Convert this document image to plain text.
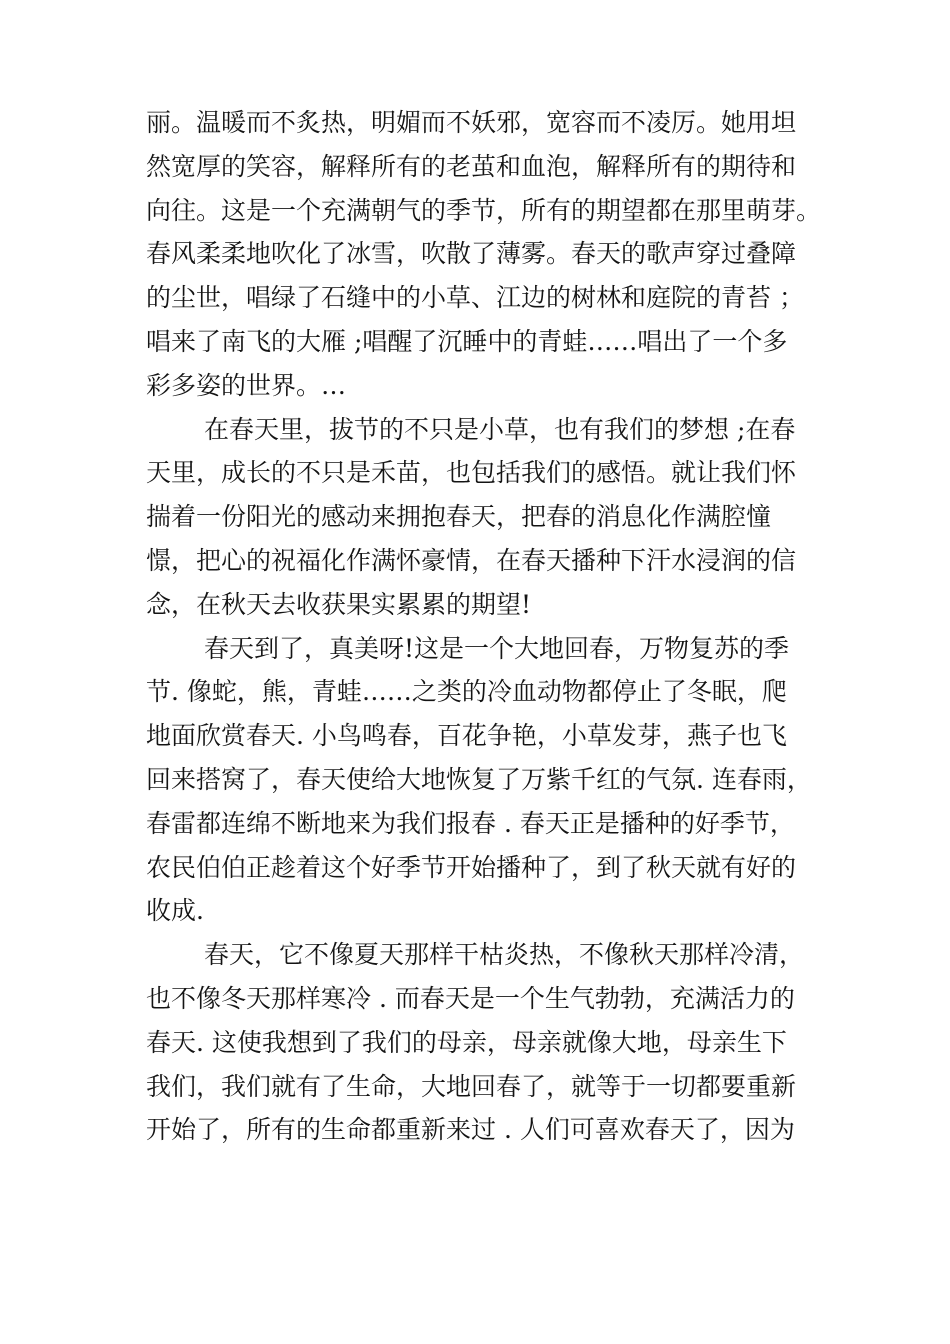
丽。温暖而不炙热，明媚而不妖邪，宽容而不凌厉。她用坦
然宽厚的笑容，解释所有的老茧和血泡，解释所有的期待和
向往。这是一个充满朝气的季节，所有的期望都在那里萌芽。
春风柔柔地吹化了冰雪，吹散了薄雾。春天的歌声穿过叠障
的尘世，唱绿了石缝中的小草、江边的树林和庭院的青苔 ；
唱来了南飞的大雁 ;唱醒了沉睡中的青蛙……唱出了一个多
彩多姿的世界。…

在春天里，拔节的不只是小草，也有我们的梦想 ;在春
天里，成长的不只是禾苗，也包括我们的感悟。就让我们怀
揣着一份阳光的感动来拥抱春天，把春的消息化作满腔憧
憬，把心的祝福化作满怀豪情，在春天播种下汗水浸润的信
念，在秋天去收获果实累累的期望!

春天到了，真美呀!这是一个大地回春，万物复苏的季
节. 像蛇，熊，青蛙……之类的冷血动物都停止了冬眠，爬
地面欣赏春天. 小鸟鸣春，百花争艳，小草发芽，燕子也飞
回来搭窝了，春天使给大地恢复了万紫千红的气氛. 连春雨，
春雷都连绵不断地来为我们报春 . 春天正是播种的好季节，
农民伯伯正趁着这个好季节开始播种了，到了秋天就有好的
收成.

春天，它不像夏天那样干枯炎热，不像秋天那样冷清，
也不像冬天那样寒冷 . 而春天是一个生气勃勃，充满活力的
春天. 这使我想到了我们的母亲，母亲就像大地，母亲生下
我们，我们就有了生命，大地回春了，就等于一切都要重新
开始了，所有的生命都重新来过 . 人们可喜欢春天了，因为
